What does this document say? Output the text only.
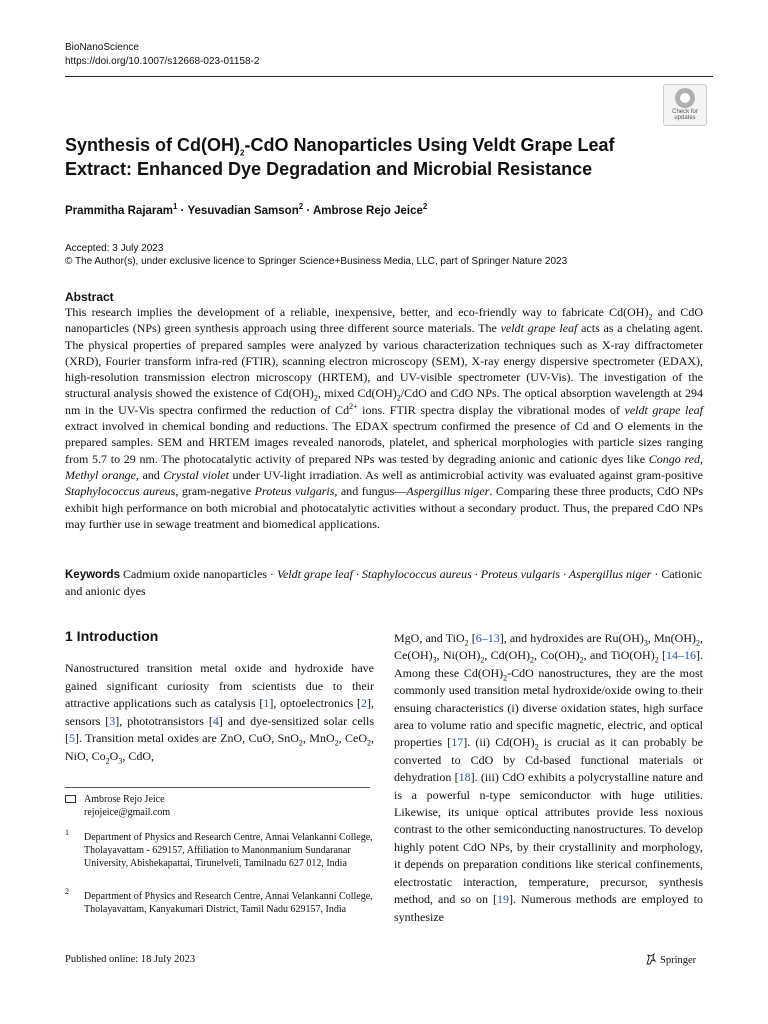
BioNanoScience
https://doi.org/10.1007/s12668-023-01158-2
Check for
updates
Synthesis of $Cd(OH)_2$-CdO Nanoparticles Using Veldt Grape Leaf
Extract: Enhanced Dye Degradation and Microbial Resistance
Prammitha Rajaram$^1$ · Yesuvadian Samson$^2$ · Ambrose Rejo Jeice$^2$
Accepted: 3 July 2023
© The Author(s), under exclusive licence to Springer Science+Business Media, LLC, part of Springer Nature 2023
Abstract
This research implies the development of a reliable, inexpensive, better, and eco-friendly way to fabricate $Cd(OH)_2$ and CdO nanoparticles (NPs) green synthesis approach using three different source materials. The veldt grape leaf acts as a chelating agent. The physical properties of prepared samples were analyzed by various characterization techniques such as X-ray diffractometer (XRD), Fourier transform infra-red (FTIR), scanning electron microscopy (SEM), X-ray energy dispersive spectrometer (EDAX), high-resolution transmission electron microscopy (HRTEM), and UV-visible spectrometer (UV-Vis). The investigation of the structural analysis showed the existence of $Cd(OH)_2$, mixed $Cd(OH)_2$/CdO and CdO NPs. The optical absorption wavelength at 294 nm in the UV-Vis spectra confirmed the reduction of $Cd^{2+}$ ions. FTIR spectra display the vibrational modes of veldt grape leaf extract involved in chemical bonding and reductions. The EDAX spectrum confirmed the presence of Cd and O elements in the prepared samples. SEM and HRTEM images revealed nanorods, platelet, and spherical morphologies with particle sizes ranging from 5.7 to 29 nm. The photocatalytic activity of prepared NPs was tested by degrading anionic and cationic dyes like Congo red, Methyl orange, and Crystal violet under UV-light irradiation. As well as antimicrobial activity was evaluated against gram-positive Staphylococcus aureus, gram-negative Proteus vulgaris, and fungus—Aspergillus niger. Comparing these three products, CdO NPs exhibit high performance on both microbial and photocatalytic activities without a secondary product. Thus, the prepared CdO NPs may further use in sewage treatment and biomedical applications.
Keywords Cadmium oxide nanoparticles · Veldt grape leaf · Staphylococcus aureus · Proteus vulgaris · Aspergillus niger · Cationic and anionic dyes
1 Introduction
Nanostructured transition metal oxide and hydroxide have gained significant curiosity from scientists due to their attractive applications such as catalysis [1], optoelectronics [2], sensors [3], phototransistors [4] and dye-sensitized solar cells [5]. Transition metal oxides are ZnO, CuO, SnO$_2$, MnO$_2$, CeO$_2$, NiO, $Co_2O_3$, CdO,
MgO, and TiO$_2$ [6–13], and hydroxides are $Ru(OH)_3$, $Mn(OH)_2$, $Ce(OH)_3$, $Ni(OH)_2$, $Cd(OH)_2$, $Co(OH)_2$, and $TiO(OH)_2$ [14–16]. Among these $Cd(OH)_2$-CdO nanostructures, they are the most commonly used transition metal hydroxide/oxide owing to their ensuing characteristics (i) diverse oxidation states, high surface area to volume ratio and specific magnetic, electric, and optical properties [17]. (ii) $Cd(OH)_2$ is crucial as it can probably be converted to CdO by Cd-based functional materials or dehydration [18]. (iii) CdO exhibits a polycrystalline nature and is a powerful n-type semiconductor with huge utilities. Likewise, its unique optical attributes provide less noxious contrast to the other semiconducting nanostructures. To develop highly potent CdO NPs, by their crystallinity and morphology, it depends on preparation conditions like sterical confinements, electrostatic interaction, temperature, precursor, synthesis method, and so on [19]. Numerous methods are employed to synthesize
Ambrose Rejo Jeice
rejojeice@gmail.com
1 Department of Physics and Research Centre, Annai Velankanni College, Tholayavattam - 629157, Affiliation to Manonmanium Sundaranar University, Abishekapattai, Tirunelveli, Tamilnadu 627 012, India
2 Department of Physics and Research Centre, Annai Velankanni College, Tholayavattam, Kanyakumari District, Tamil Nadu 629157, India
Published online: 18 July 2023	Springer
